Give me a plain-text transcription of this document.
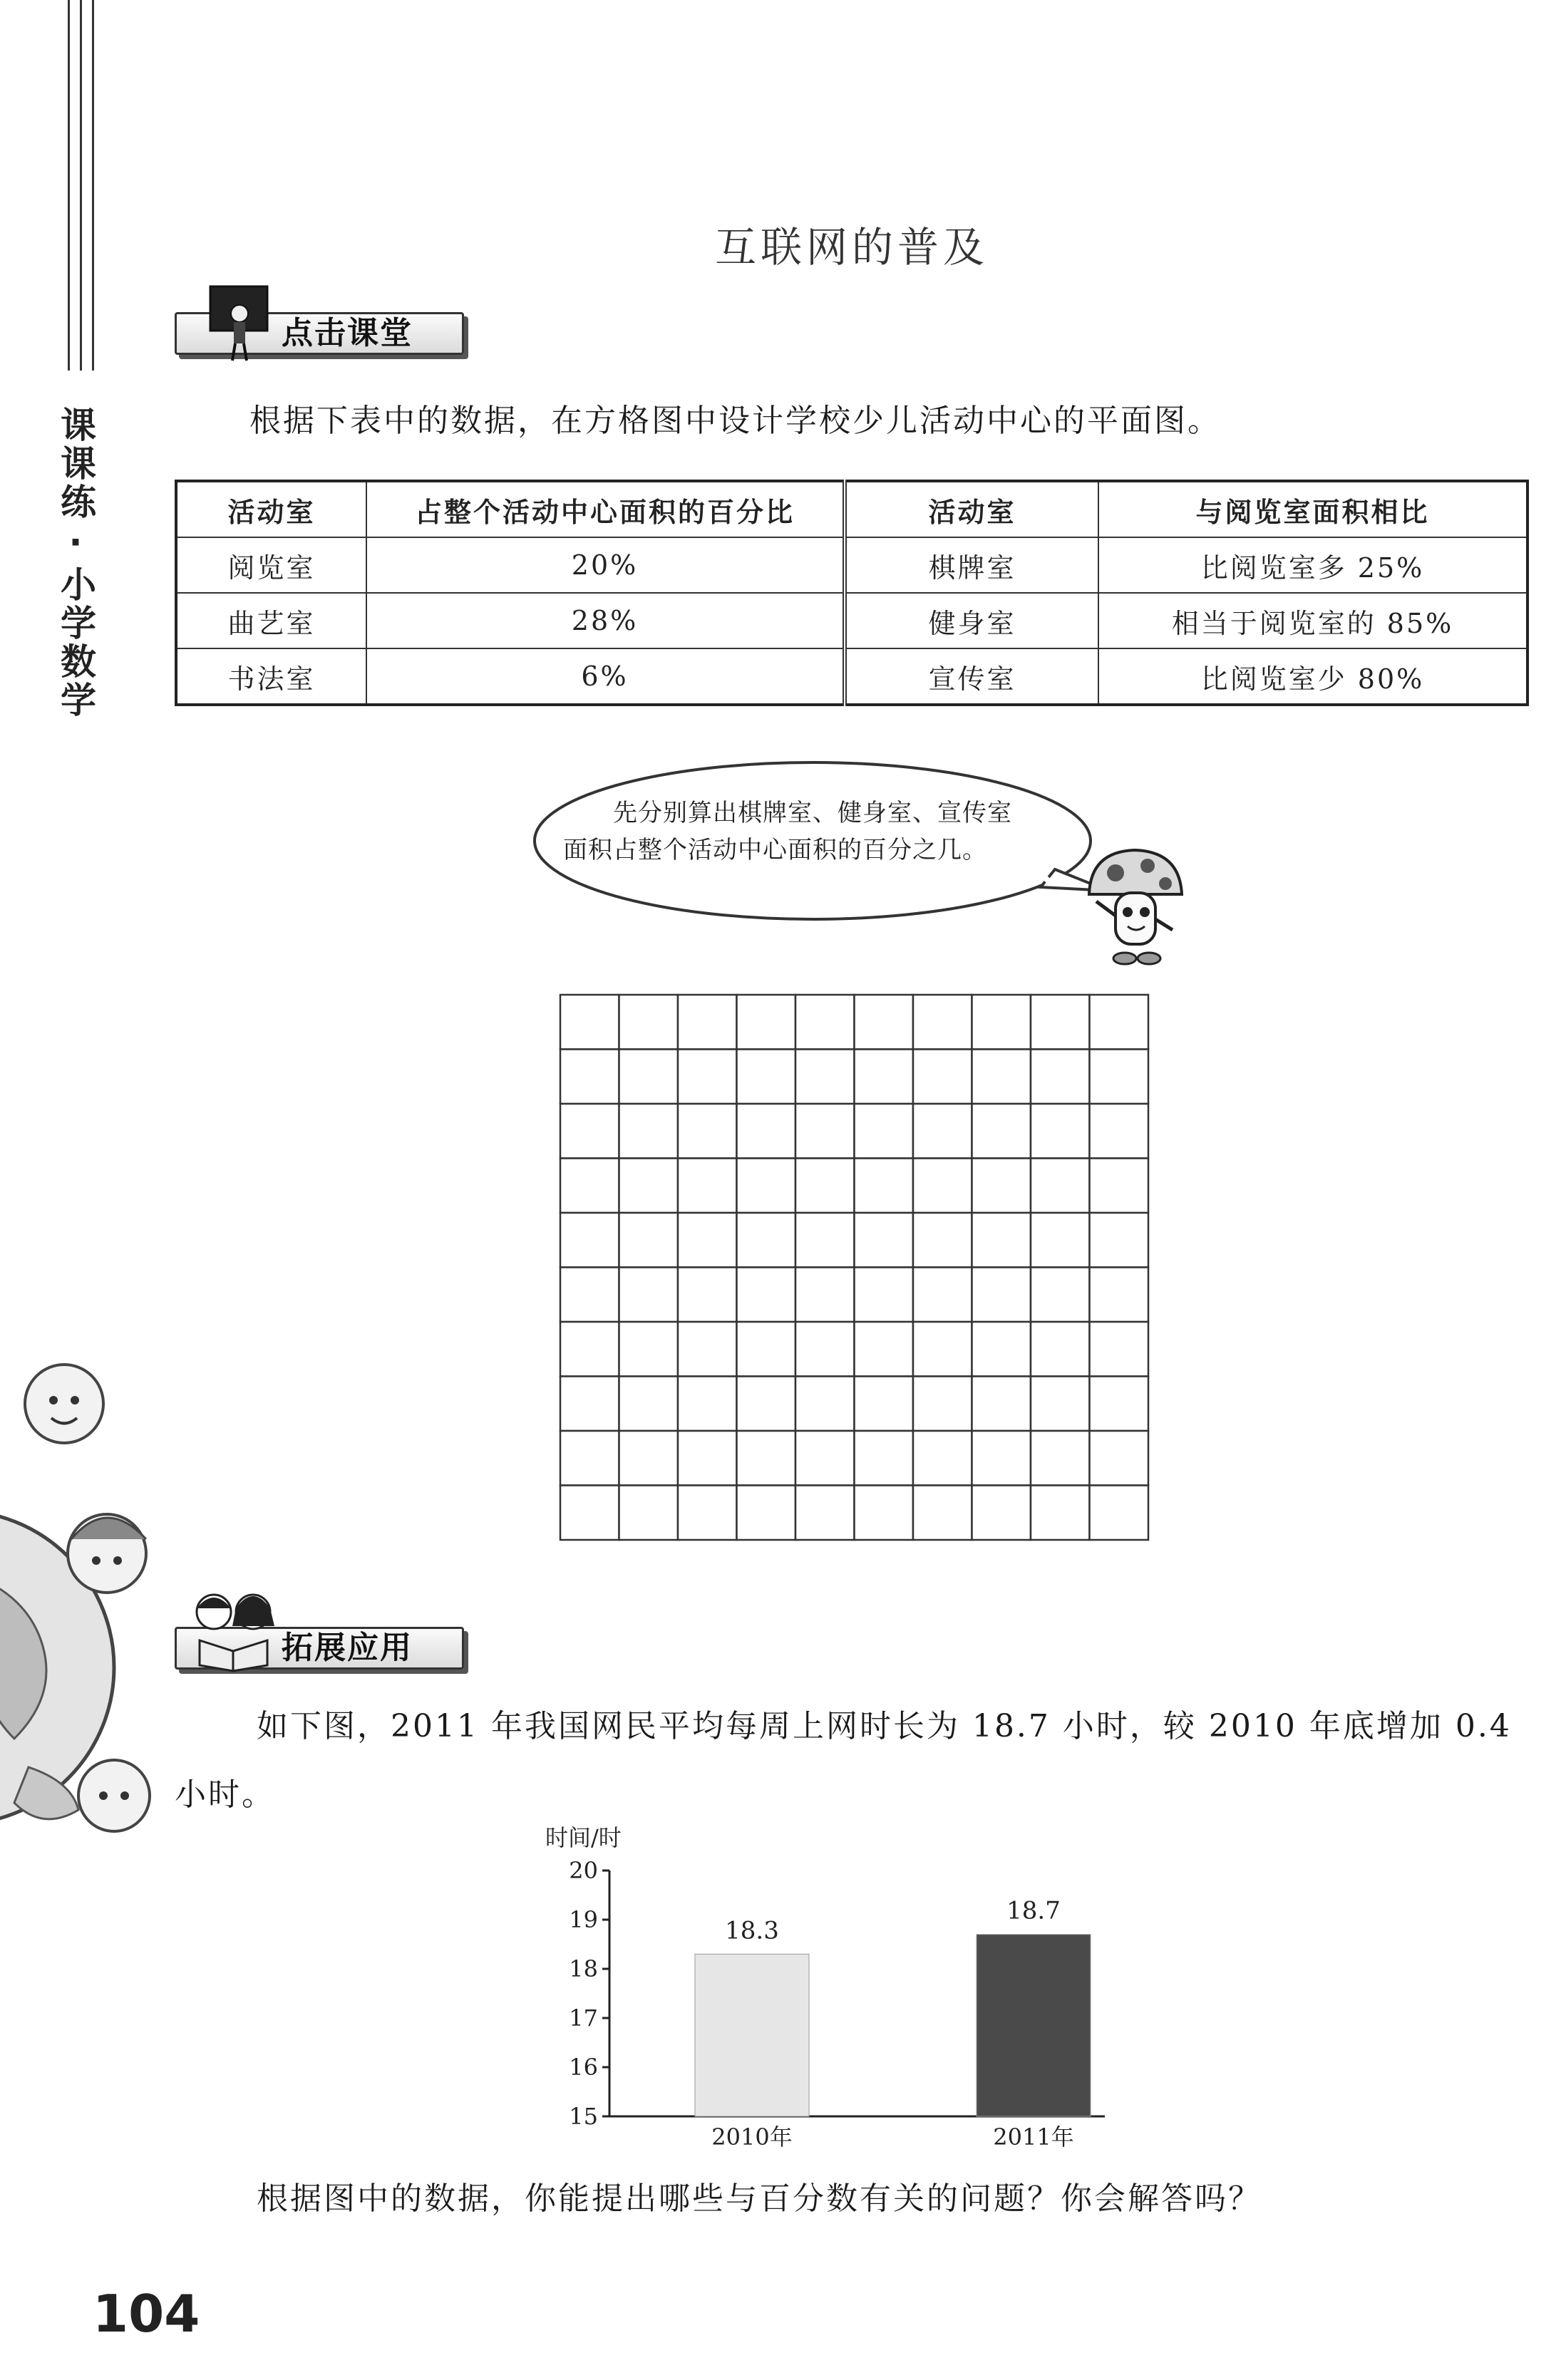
课课练·小学数学
互联网的普及
点击课堂
根据下表中的数据，在方格图中设计学校少儿活动中心的平面图。
活动室	占整个活动中心面积的百分比	活动室	与阅览室面积相比
阅览室	20%	棋牌室	比阅览室多 25%
曲艺室	28%	健身室	相当于阅览室的 85%
书法室	6%	宣传室	比阅览室少 80%
先分别算出棋牌室、健身室、宣传室
面积占整个活动中心面积的百分之几。
拓展应用
如下图，2011 年我国网民平均每周上网时长为 18.7 小时，较 2010 年底增加 0.4
小时。
时间/时
15
16
17
18
19
20
18.3
2010年
18.7
2011年
根据图中的数据，你能提出哪些与百分数有关的问题？你会解答吗？
104
